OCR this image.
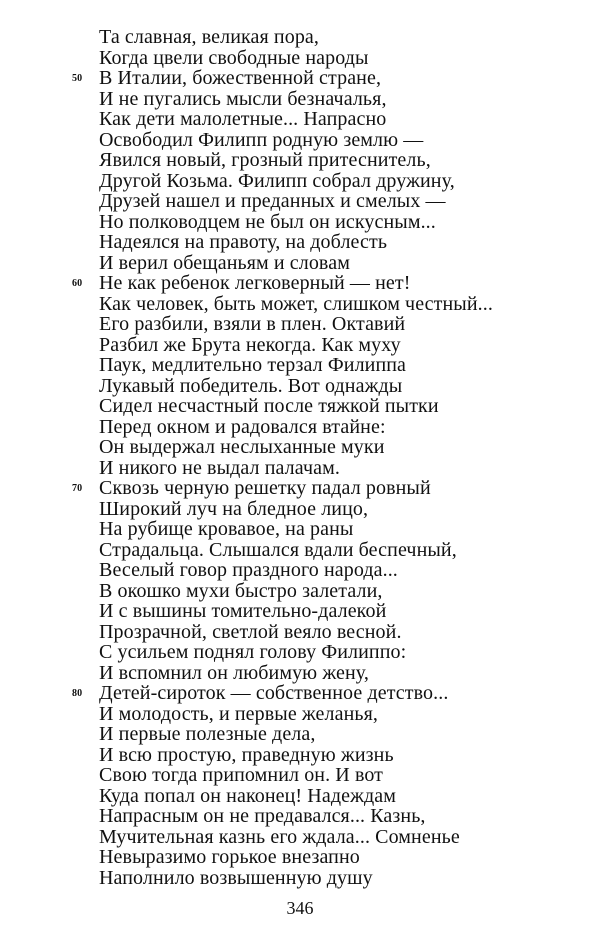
Та славная, великая пора,
Когда цвели свободные народы
50 В Италии, божественной стране,
И не пугались мысли безначалья,
Как дети малолетные... Напрасно
Освободил Филипп родную землю —
Явился новый, грозный притеснитель,
Другой Козьма. Филипп собрал дружину,
Друзей нашел и преданных и смелых —
Но полководцем не был он искусным...
Надеялся на правоту, на доблесть
И верил обещаньям и словам
60 Не как ребенок легковерный — нет!
Как человек, быть может, слишком честный...
Его разбили, взяли в плен. Октавий
Разбил же Брута некогда. Как муху
Паук, медлительно терзал Филиппа
Лукавый победитель. Вот однажды
Сидел несчастный после тяжкой пытки
Перед окном и радовался втайне:
Он выдержал неслыханные муки
И никого не выдал палачам.
70 Сквозь черную решетку падал ровный
Широкий луч на бледное лицо,
На рубище кровавое, на раны
Страдальца. Слышался вдали беспечный,
Веселый говор праздного народа...
В окошко мухи быстро залетали,
И с вышины томительно-далекой
Прозрачной, светлой веяло весной.
С усильем поднял голову Филиппо:
И вспомнил он любимую жену,
80 Детей-сироток — собственное детство...
И молодость, и первые желанья,
И первые полезные дела,
И всю простую, праведную жизнь
Свою тогда припомнил он. И вот
Куда попал он наконец! Надеждам
Напрасным он не предавался... Казнь,
Мучительная казнь его ждала... Сомненье
Невыразимо горькое внезапно
Наполнило возвышенную душу
346
